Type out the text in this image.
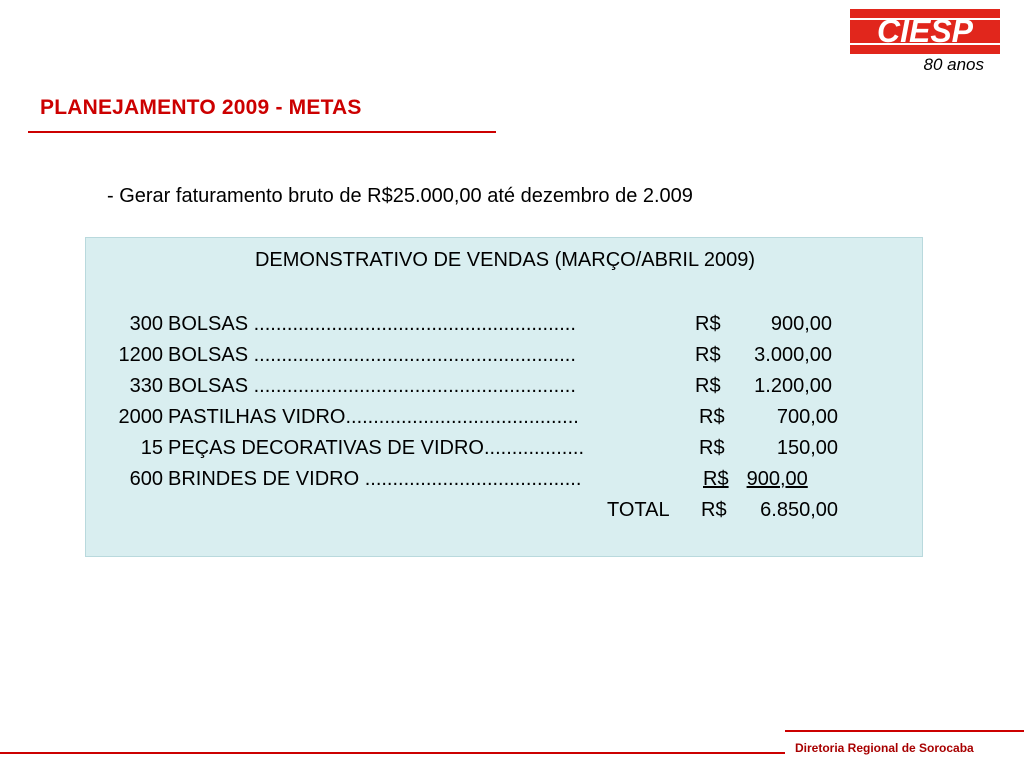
CIESP
80 anos
PLANEJAMENTO 2009 - METAS
- Gerar faturamento bruto de R$25.000,00 até dezembro de 2.009
DEMONSTRATIVO DE VENDAS (MARÇO/ABRIL 2009)
300 BOLSAS ..........................................................	R$	900,00
1200 BOLSAS ..........................................................	R$	3.000,00
330 BOLSAS ..........................................................	R$	1.200,00
2000 PASTILHAS VIDRO..........................................	R$	700,00
15 PEÇAS DECORATIVAS DE VIDRO..................	R$	150,00
600 BRINDES DE VIDRO .......................................	R$ 900,00
TOTAL R$	6.850,00
Diretoria Regional de Sorocaba
